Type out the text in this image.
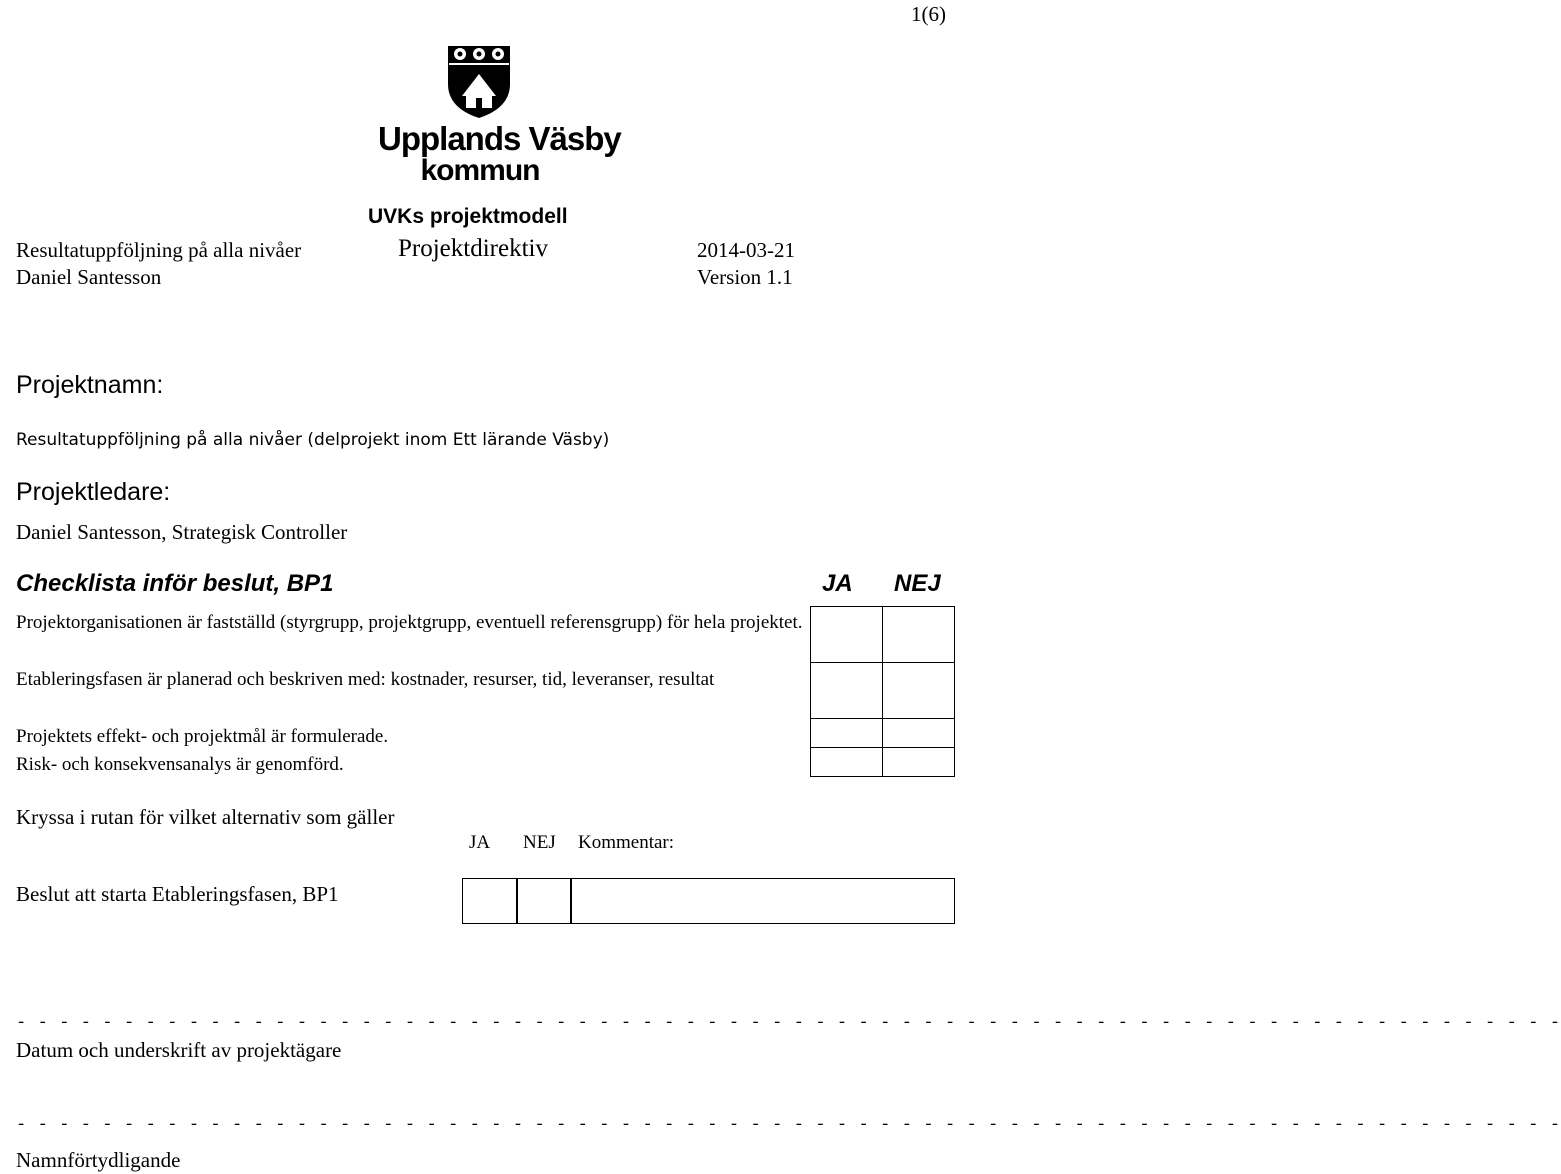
1(6)
Upplands Väsby
kommun
UVKs projektmodell
Resultatuppföljning på alla nivåer	Projektdirektiv	2014-03-21
Daniel Santesson	Version 1.1
Projektnamn:
Resultatuppföljning på alla nivåer (delprojekt inom Ett lärande Väsby)
Projektledare:
Daniel Santesson, Strategisk Controller
Checklista inför beslut, BP1	JA NEJ
Projektorganisationen är fastställd (styrgrupp, projektgrupp, eventuell referensgrupp) för hela projektet.
Etableringsfasen är planerad och beskriven med: kostnader, resurser, tid, leveranser, resultat
Projektets effekt- och projektmål är formulerade.
Risk- och konsekvensanalys är genomförd.
Kryssa i rutan för vilket alternativ som gäller
JA NEJ Kommentar:
Beslut att starta Etableringsfasen, BP1
- - - - - - - - - - - - - - - - - - - - - - - - - - - - - - - - - - - - - - - - - - - - - - - - - - - - - - - - - - - - - - - - - - - - - - - -
Datum och underskrift av projektägare
- - - - - - - - - - - - - - - - - - - - - - - - - - - - - - - - - - - - - - - - - - - - - - - - - - - - - - - - - - - - - - - - - - - - - - - -
Namnförtydligande
